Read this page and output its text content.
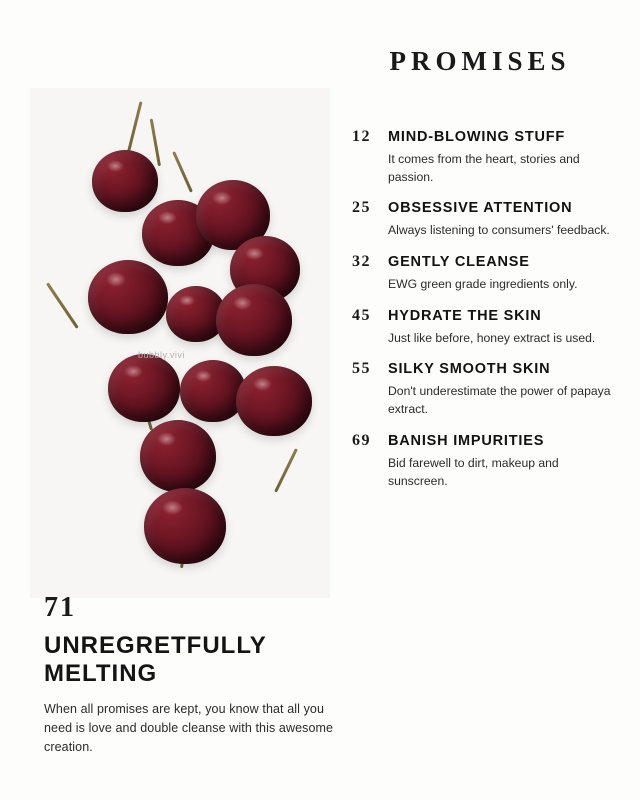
PROMISES
bubbly.vivi
71
UNREGRETFULLY MELTING
When all promises are kept, you know that all you need is love and double cleanse with this awesome creation.
12	MIND-BLOWING STUFF
It comes from the heart, stories and passion.
25	OBSESSIVE ATTENTION
Always listening to consumers' feedback.
32	GENTLY CLEANSE
EWG green grade ingredients only.
45	HYDRATE THE SKIN
Just like before, honey extract is used.
55	SILKY SMOOTH SKIN
Don't underestimate the power of papaya extract.
69	BANISH IMPURITIES
Bid farewell to dirt, makeup and sunscreen.
